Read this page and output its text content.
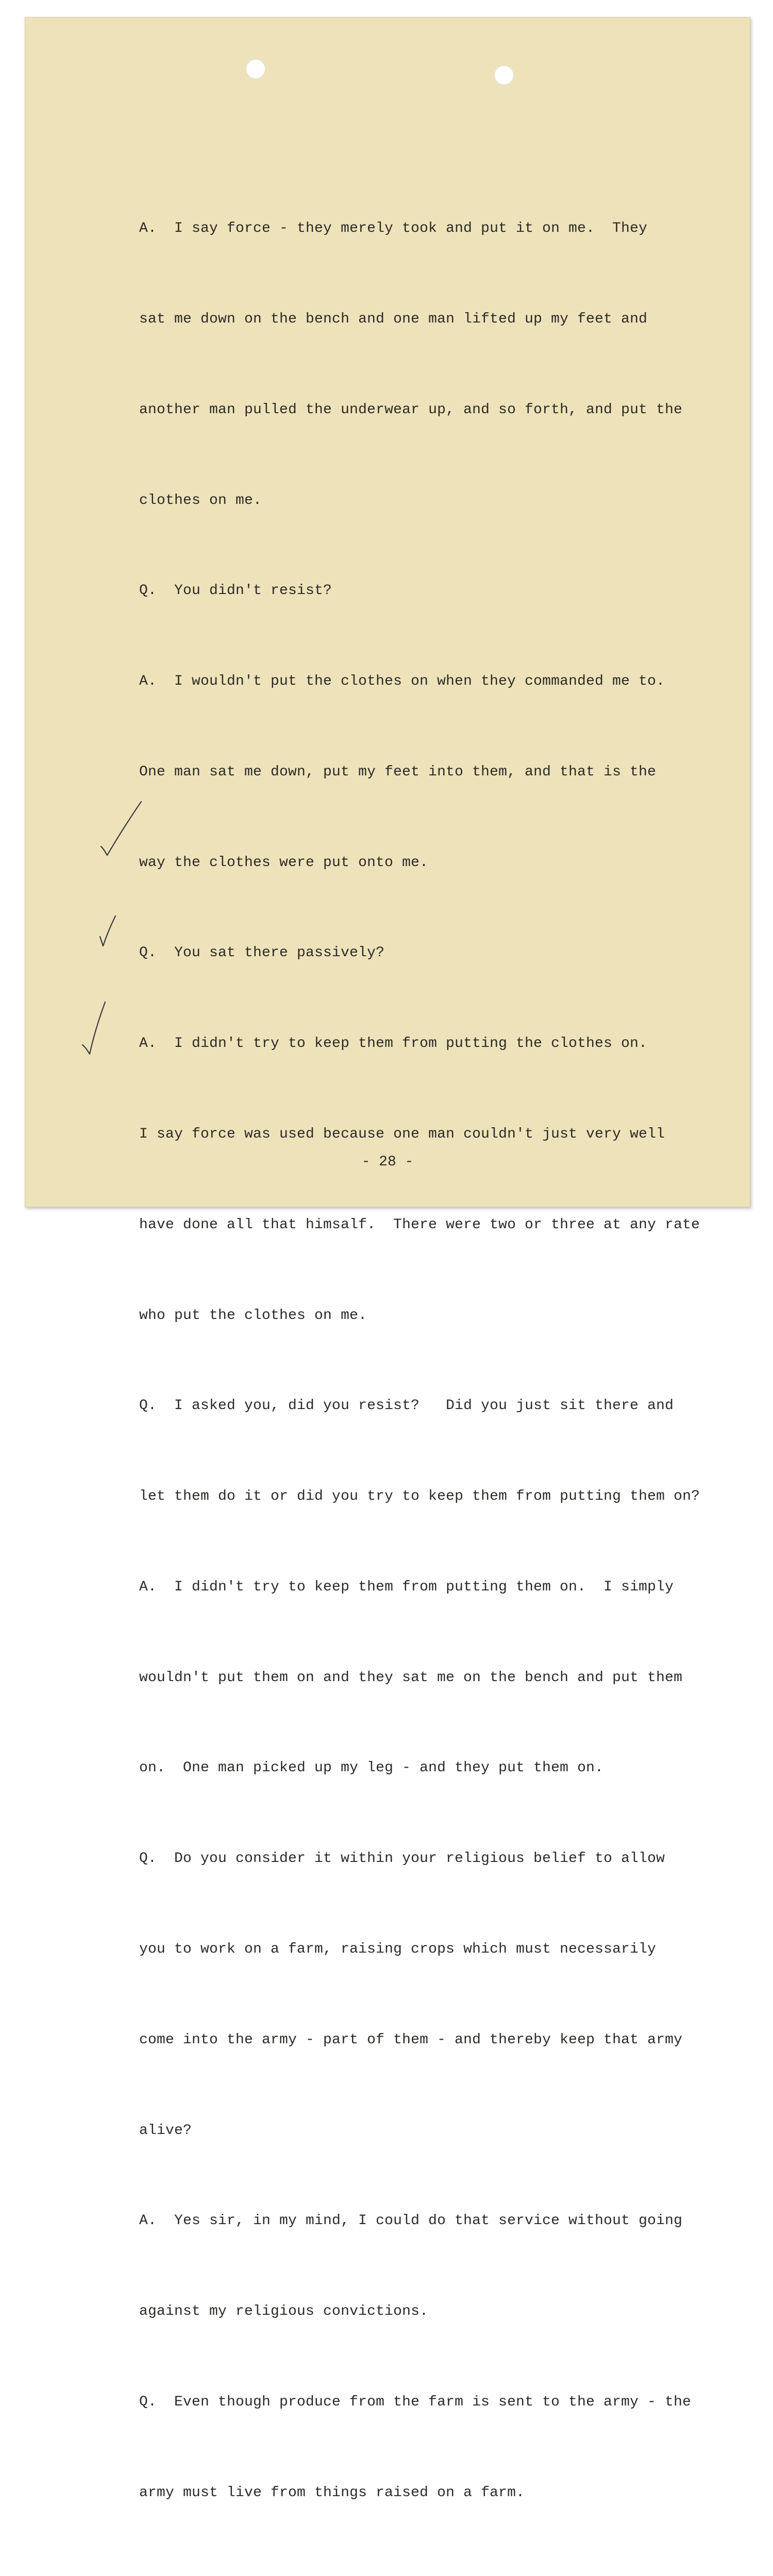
A.  I say force - they merely took and put it on me.  They

sat me down on the bench and one man lifted up my feet and

another man pulled the underwear up, and so forth, and put the

clothes on me.

Q.  You didn't resist?

A.  I wouldn't put the clothes on when they commanded me to.

One man sat me down, put my feet into them, and that is the

way the clothes were put onto me.

Q.  You sat there passively?

A.  I didn't try to keep them from putting the clothes on.

I say force was used because one man couldn't just very well

have done all that himsalf.  There were two or three at any rate

who put the clothes on me.

Q.  I asked you, did you resist?   Did you just sit there and

let them do it or did you try to keep them from putting them on?

A.  I didn't try to keep them from putting them on.  I simply

wouldn't put them on and they sat me on the bench and put them

on.  One man picked up my leg - and they put them on.

Q.  Do you consider it within your religious belief to allow

you to work on a farm, raising crops which must necessarily

come into the army - part of them - and thereby keep that army

alive?

A.  Yes sir, in my mind, I could do that service without going

against my religious convictions.

Q.  Even though produce from the farm is sent to the army - the

army must live from things raised on a farm.

- 28 -
